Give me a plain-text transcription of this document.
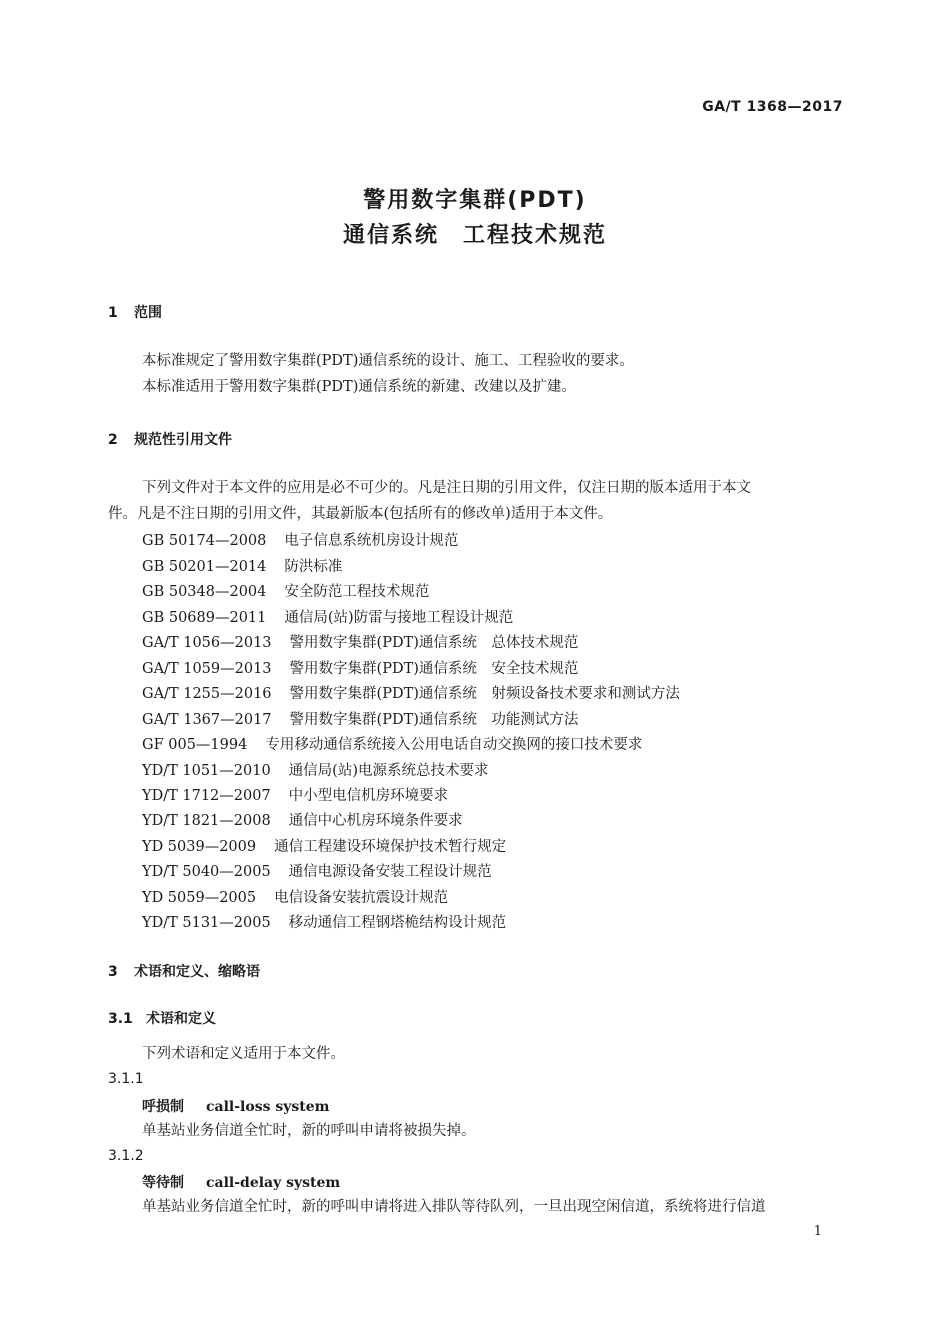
GA/T 1368—2017
警用数字集群(PDT)
通信系统　工程技术规范
1 范围
本标准规定了警用数字集群(PDT)通信系统的设计、施工、工程验收的要求。
本标准适用于警用数字集群(PDT)通信系统的新建、改建以及扩建。
2 规范性引用文件
下列文件对于本文件的应用是必不可少的。凡是注日期的引用文件，仅注日期的版本适用于本文
件。凡是不注日期的引用文件，其最新版本(包括所有的修改单)适用于本文件。
GB 50174—2008 电子信息系统机房设计规范
GB 50201—2014 防洪标准
GB 50348—2004 安全防范工程技术规范
GB 50689—2011 通信局(站)防雷与接地工程设计规范
GA/T 1056—2013 警用数字集群(PDT)通信系统　总体技术规范
GA/T 1059—2013 警用数字集群(PDT)通信系统　安全技术规范
GA/T 1255—2016 警用数字集群(PDT)通信系统　射频设备技术要求和测试方法
GA/T 1367—2017 警用数字集群(PDT)通信系统　功能测试方法
GF 005—1994 专用移动通信系统接入公用电话自动交换网的接口技术要求
YD/T 1051—2010 通信局(站)电源系统总技术要求
YD/T 1712—2007 中小型电信机房环境要求
YD/T 1821—2008 通信中心机房环境条件要求
YD 5039—2009 通信工程建设环境保护技术暂行规定
YD/T 5040—2005 通信电源设备安装工程设计规范
YD 5059—2005 电信设备安装抗震设计规范
YD/T 5131—2005 移动通信工程钢塔桅结构设计规范
3 术语和定义、缩略语
3.1 术语和定义
下列术语和定义适用于本文件。
3.1.1
呼损制 call-loss system
单基站业务信道全忙时，新的呼叫申请将被损失掉。
3.1.2
等待制 call-delay system
单基站业务信道全忙时，新的呼叫申请将进入排队等待队列，一旦出现空闲信道，系统将进行信道
1
